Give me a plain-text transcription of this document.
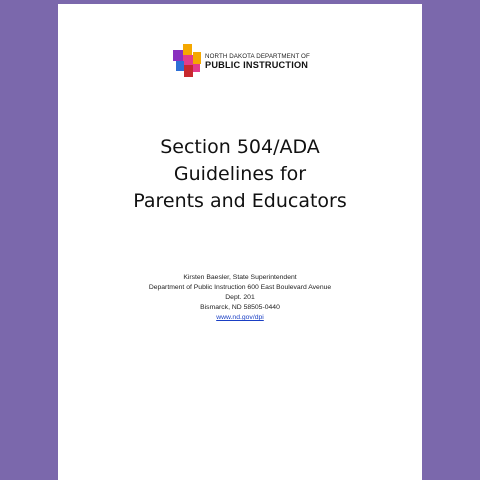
NORTH DAKOTA DEPARTMENT OF
PUBLIC INSTRUCTION
Section 504/ADA
Guidelines for
Parents and Educators
Kirsten Baesler, State Superintendent
Department of Public Instruction 600 East Boulevard Avenue
Dept. 201
Bismarck, ND 58505-0440
www.nd.gov/dpi
